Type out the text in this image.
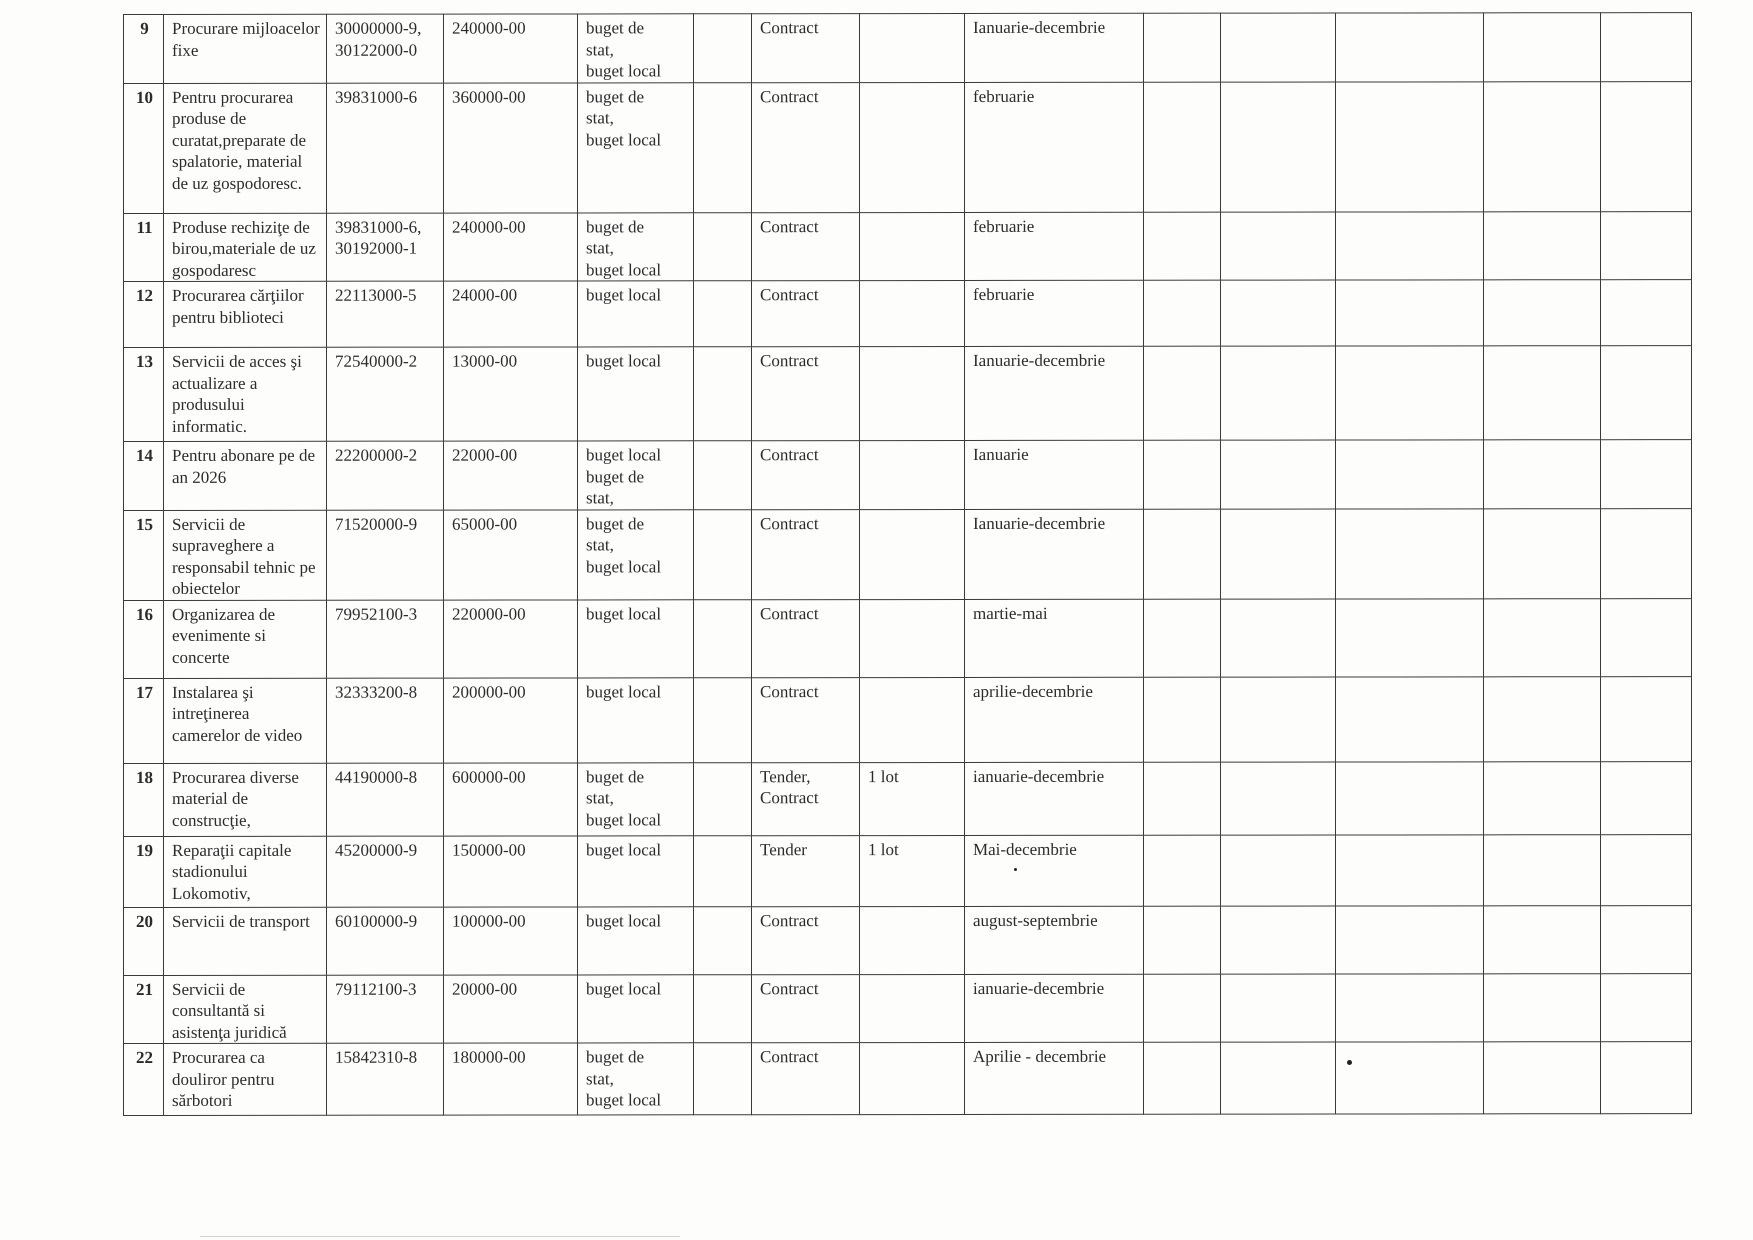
9	Procurare mijloacelor fixe	30000000-9,
30122000-0	240000-00	buget de
stat,
buget local		Contract		Ianuarie-decembrie					
10	Pentru procurarea produse de curatat,preparate de spalatorie, material de uz gospodoresc.	39831000-6	360000-00	buget de
stat,
buget local		Contract		februarie					
11	Produse rechiziţe de birou,materiale de uz gospodaresc	39831000-6,
30192000-1	240000-00	buget de
stat,
buget local		Contract		februarie					
12	Procurarea cărţiilor pentru biblioteci	22113000-5	24000-00	buget local		Contract		februarie					
13	Servicii de acces şi actualizare a produsului informatic.	72540000-2	13000-00	buget local		Contract		Ianuarie-decembrie					
14	Pentru abonare pe de an 2026	22200000-2	22000-00	buget local
buget de
stat,		Contract		Ianuarie					
15	Servicii de supraveghere a responsabil tehnic pe obiectelor	71520000-9	65000-00	buget de
stat,
buget local		Contract		Ianuarie-decembrie					
16	Organizarea de evenimente si concerte	79952100-3	220000-00	buget local		Contract		martie-mai					
17	Instalarea şi intreţinerea camerelor de video	32333200-8	200000-00	buget local		Contract		aprilie-decembrie					
18	Procurarea diverse material de construcţie,	44190000-8	600000-00	buget de
stat,
buget local		Tender,
Contract	1 lot	ianuarie-decembrie					
19	Reparaţii capitale stadionului Lokomotiv,	45200000-9	150000-00	buget local		Tender	1 lot	Mai-decembrie					
20	Servicii de transport	60100000-9	100000-00	buget local		Contract		august-septembrie					
21	Servicii de consultantă si asistenţa juridică	79112100-3	20000-00	buget local		Contract		ianuarie-decembrie					
22	Procurarea ca douliror pentru sărbotori	15842310-8	180000-00	buget de
stat,
buget local		Contract		Aprilie - decembrie					
